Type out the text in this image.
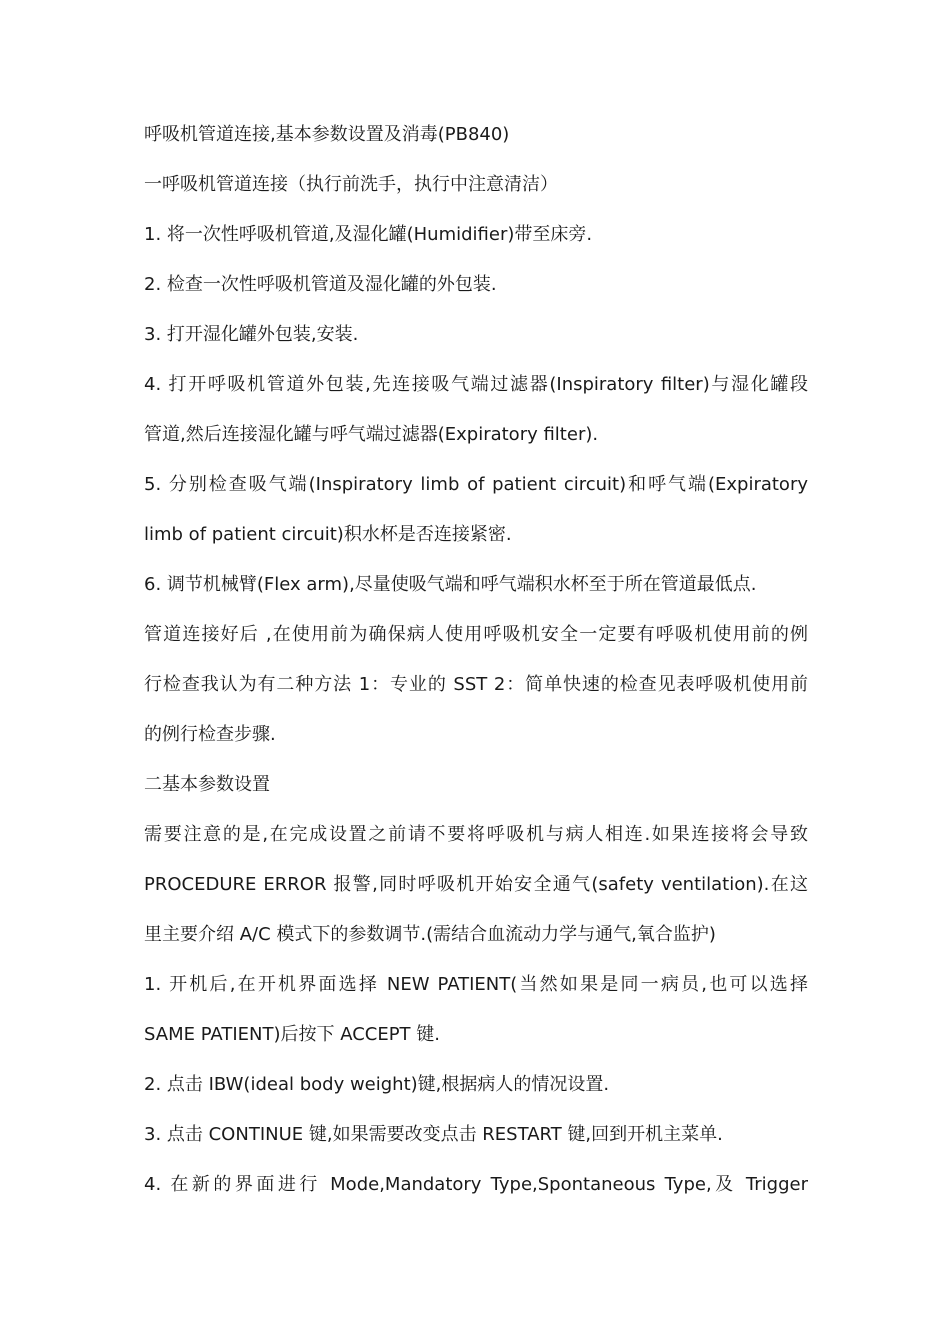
呼吸机管道连接,基本参数设置及消毒(PB840)
一呼吸机管道连接（执行前洗手，执行中注意清洁）
1. 将一次性呼吸机管道,及湿化罐(Humidifier)带至床旁.
2. 检查一次性呼吸机管道及湿化罐的外包装.
3. 打开湿化罐外包装,安装.
4. 打开呼吸机管道外包装,先连接吸气端过滤器(Inspiratory filter)与湿化罐段
管道,然后连接湿化罐与呼气端过滤器(Expiratory filter).
5. 分别检查吸气端(Inspiratory limb of patient circuit)和呼气端(Expiratory
limb of patient circuit)积水杯是否连接紧密.
6. 调节机械臂(Flex arm),尽量使吸气端和呼气端积水杯至于所在管道最低点.
管道连接好后 ,在使用前为确保病人使用呼吸机安全一定要有呼吸机使用前的例
行检查我认为有二种方法 1：专业的 SST 2：简单快速的检查见表呼吸机使用前
的例行检查步骤.
二基本参数设置
需要注意的是,在完成设置之前请不要将呼吸机与病人相连.如果连接将会导致
PROCEDURE ERROR 报警,同时呼吸机开始安全通气(safety ventilation).在这
里主要介绍 A/C 模式下的参数调节.(需结合血流动力学与通气,氧合监护)
1. 开机后,在开机界面选择 NEW PATIENT(当然如果是同一病员,也可以选择
SAME PATIENT)后按下 ACCEPT 键.
2. 点击 IBW(ideal body weight)键,根据病人的情况设置.
3. 点击 CONTINUE 键,如果需要改变点击 RESTART 键,回到开机主菜单.
4. 在新的界面进行 Mode,Mandatory Type,Spontaneous Type,及 Trigger
